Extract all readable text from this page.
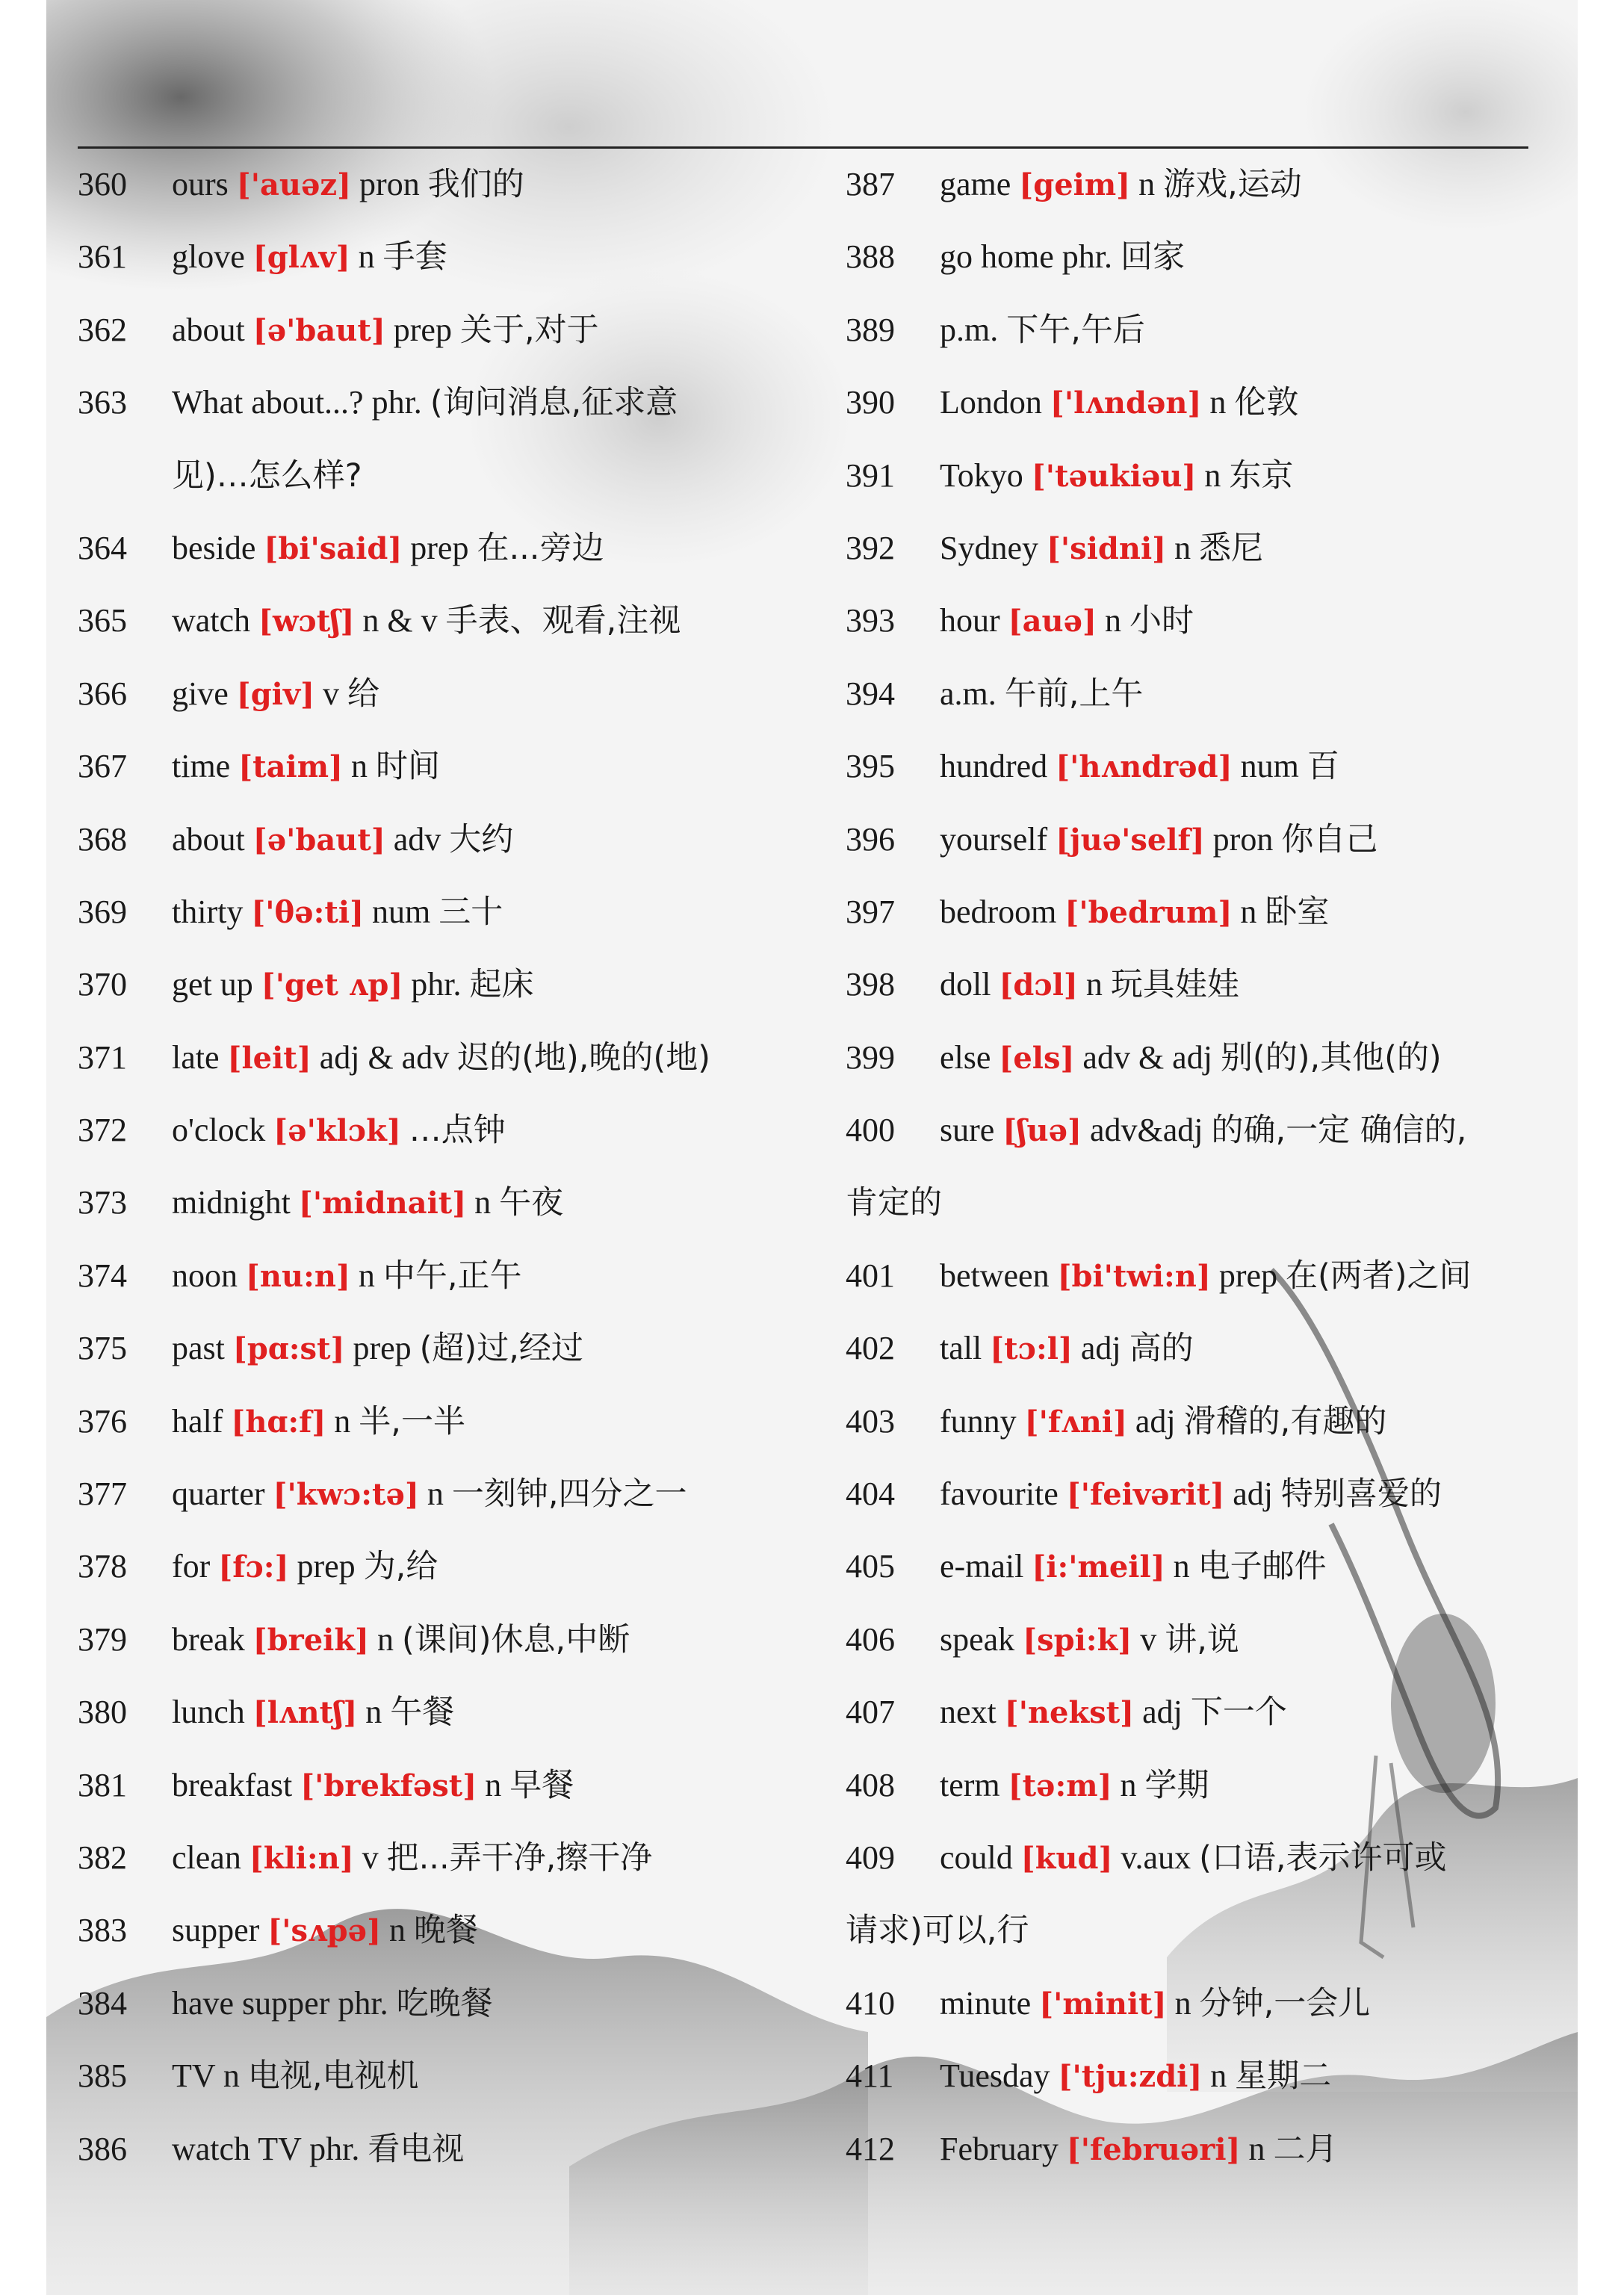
360 ours ['auəz] pron 我们的
361 glove [glʌv] n 手套
362 about [ə'baut] prep 关于,对于
363 What about...? phr. (询问消息,征求意
见)…怎么样?
364 beside [bi'said] prep 在...旁边
365 watch [wɔtʃ] n & v 手表、观看,注视
366 give [giv] v 给
367 time [taim] n 时间
368 about [ə'baut] adv 大约
369 thirty ['θə:ti] num 三十
370 get up ['get ʌp] phr. 起床
371 late [leit] adj & adv 迟的(地),晚的(地)
372 o'clock [ə'klɔk] …点钟
373 midnight ['midnait] n 午夜
374 noon [nu:n] n 中午,正午
375 past [pɑ:st] prep (超)过,经过
376 half [hɑ:f] n 半,一半
377 quarter ['kwɔ:tə] n 一刻钟,四分之一
378 for [fɔ:] prep 为,给
379 break [breik] n (课间)休息,中断
380 lunch [lʌntʃ] n 午餐
381 breakfast ['brekfəst] n 早餐
382 clean [kli:n] v 把...弄干净,擦干净
383 supper ['sʌpə] n 晚餐
384 have supper phr. 吃晚餐
385 TV n 电视,电视机
386 watch TV phr. 看电视
387 game [geim] n 游戏,运动
388 go home phr. 回家
389 p.m. 下午,午后
390 London ['lʌndən] n 伦敦
391 Tokyo ['təukiəu] n 东京
392 Sydney ['sidni] n 悉尼
393 hour [auə] n 小时
394 a.m. 午前,上午
395 hundred ['hʌndrəd] num 百
396 yourself [juə'self] pron 你自己
397 bedroom ['bedrum] n 卧室
398 doll [dɔl] n 玩具娃娃
399 else [els] adv & adj 别(的),其他(的)
400 sure [ʃuə] adv&adj 的确,一定 确信的,
肯定的
401 between [bi'twi:n] prep 在(两者)之间
402 tall [tɔ:l] adj 高的
403 funny ['fʌni] adj 滑稽的,有趣的
404 favourite ['feivərit] adj 特别喜爱的
405 e-mail [i:'meil] n 电子邮件
406 speak [spi:k] v 讲,说
407 next ['nekst] adj 下一个
408 term [tə:m] n 学期
409 could [kud] v.aux (口语,表示许可或
请求)可以,行
410 minute ['minit] n 分钟,一会儿
411 Tuesday ['tju:zdi] n 星期二
412 February ['februəri] n 二月
